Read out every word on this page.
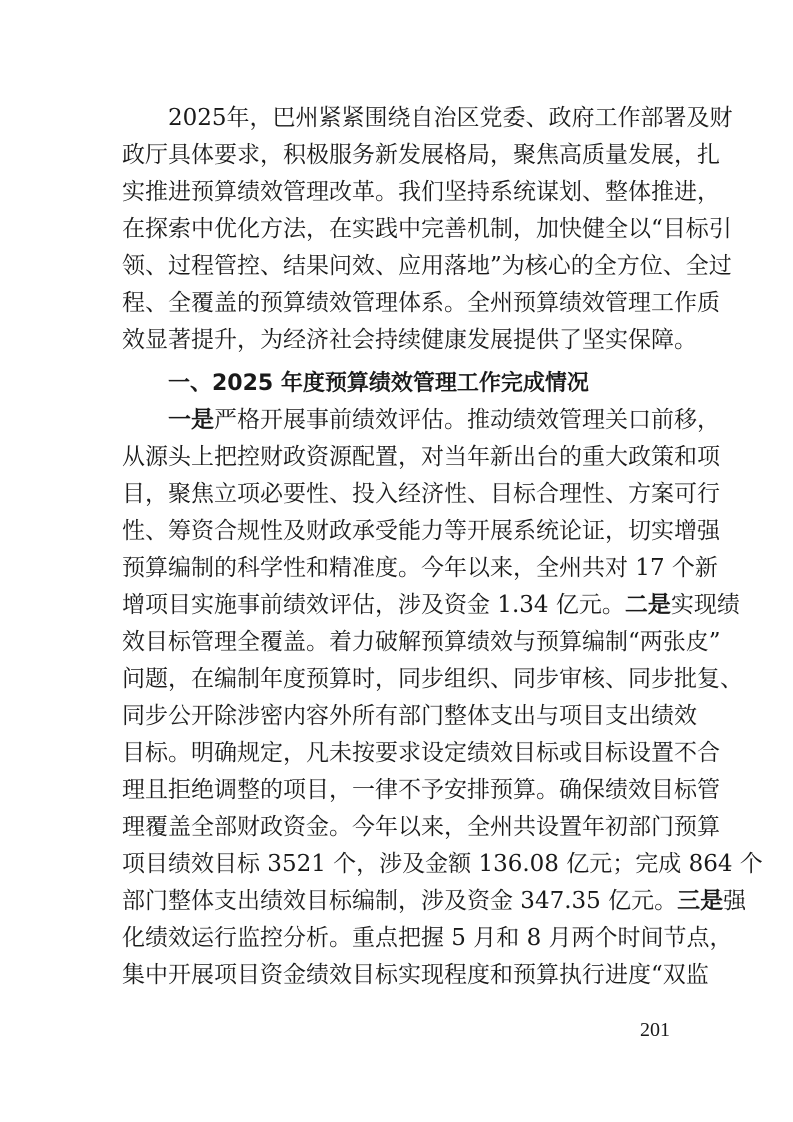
2025年，巴州紧紧围绕自治区党委、政府工作部署及财
政厅具体要求，积极服务新发展格局，聚焦高质量发展，扎
实推进预算绩效管理改革。我们坚持系统谋划、整体推进，
在探索中优化方法，在实践中完善机制，加快健全以“目标引
领、过程管控、结果问效、应用落地”为核心的全方位、全过
程、全覆盖的预算绩效管理体系。全州预算绩效管理工作质
效显著提升，为经济社会持续健康发展提供了坚实保障。
一、2025 年度预算绩效管理工作完成情况
一是严格开展事前绩效评估。推动绩效管理关口前移，
从源头上把控财政资源配置，对当年新出台的重大政策和项
目，聚焦立项必要性、投入经济性、目标合理性、方案可行
性、筹资合规性及财政承受能力等开展系统论证，切实增强
预算编制的科学性和精准度。今年以来，全州共对 17 个新
增项目实施事前绩效评估，涉及资金 1.34 亿元。二是实现绩
效目标管理全覆盖。着力破解预算绩效与预算编制“两张皮”
问题，在编制年度预算时，同步组织、同步审核、同步批复、
同步公开除涉密内容外所有部门整体支出与项目支出绩效
目标。明确规定，凡未按要求设定绩效目标或目标设置不合
理且拒绝调整的项目，一律不予安排预算。确保绩效目标管
理覆盖全部财政资金。今年以来，全州共设置年初部门预算
项目绩效目标 3521 个，涉及金额 136.08 亿元；完成 864 个
部门整体支出绩效目标编制，涉及资金 347.35 亿元。三是强
化绩效运行监控分析。重点把握 5 月和 8 月两个时间节点，
集中开展项目资金绩效目标实现程度和预算执行进度“双监
201
